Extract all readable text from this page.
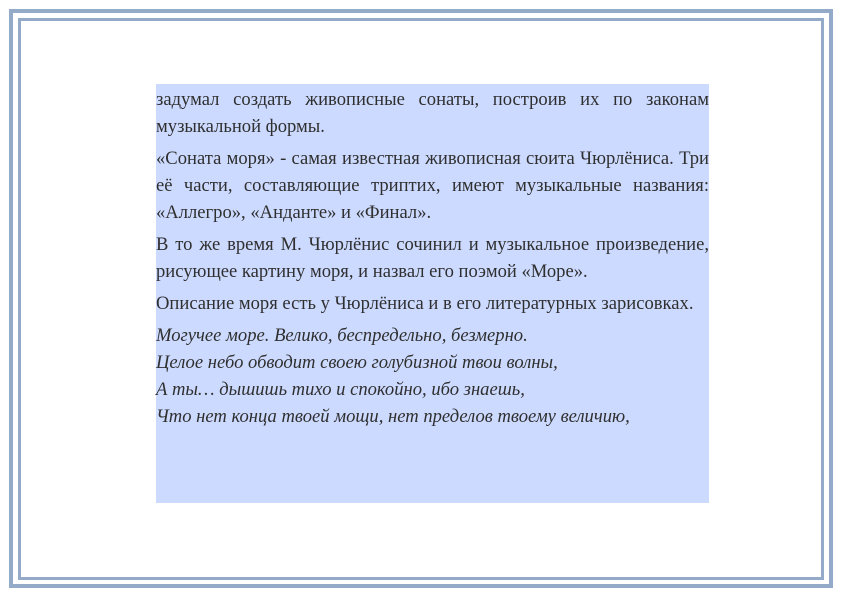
задумал создать живописные сонаты, построив их по законам музыкальной формы.

«Соната моря» - самая известная живописная сюита Чюрлёниса. Три её части, составляющие триптих, имеют музыкальные названия: «Аллегро», «Анданте» и «Финал».

В то же время М. Чюрлёнис сочинил и музыкальное произведение, рисующее картину моря, и назвал его поэмой «Море».

Описание моря есть у Чюрлёниса и в его литературных зарисовках.

Могучее море. Велико, беспредельно, безмерно.
Целое небо обводит своею голубизной твои волны,
А ты… дышишь тихо и спокойно, ибо знаешь,
Что нет конца твоей мощи, нет пределов твоему величию,
